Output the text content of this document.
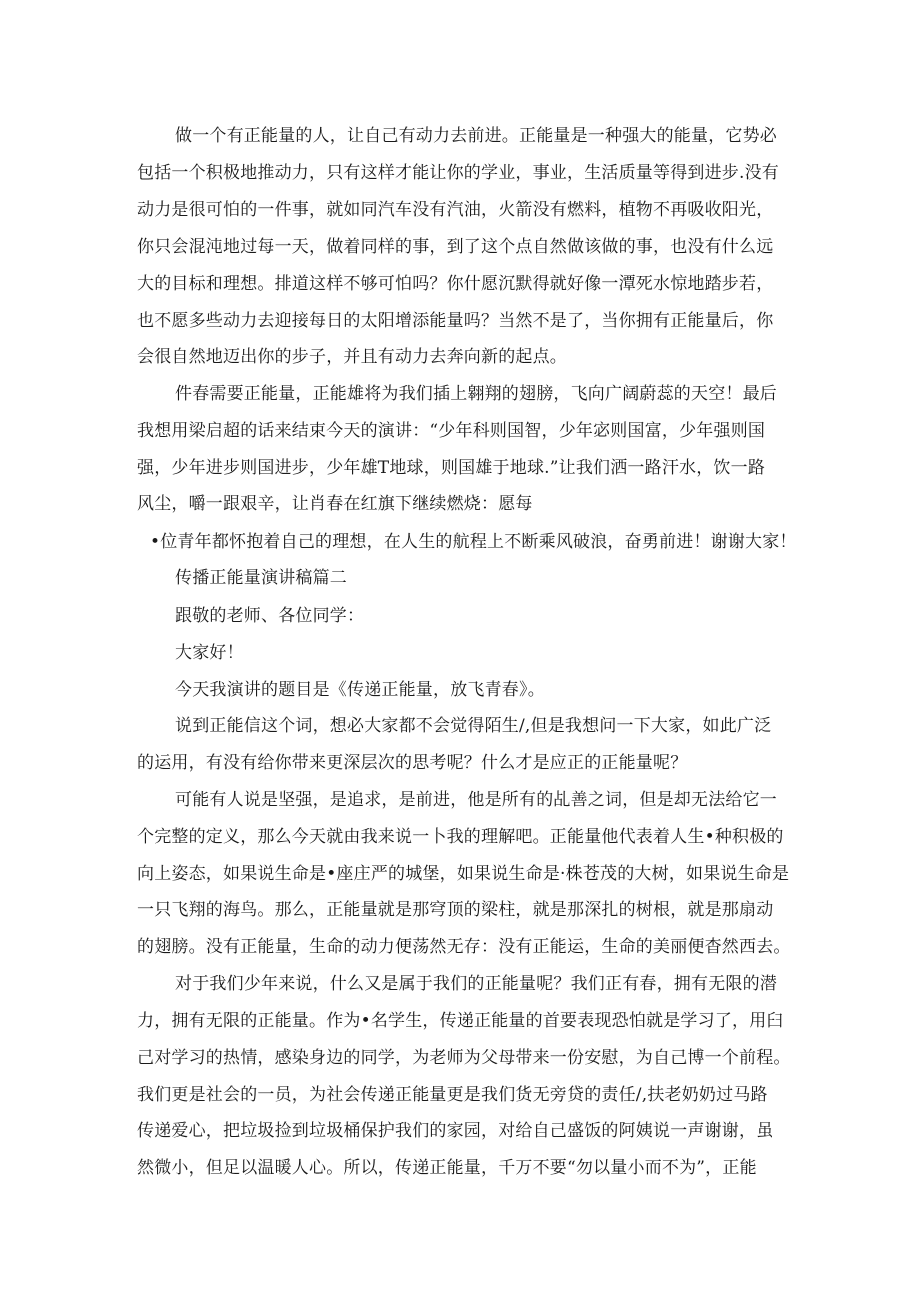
做一个有正能量的人，让自己有动力去前进。正能量是一种强大的能量，它势必
包括一个积极地推动力，只有这样才能让你的学业，事业，生活质量等得到进步.没有
动力是很可怕的一件事，就如同汽车没有汽油，火箭没有燃料，植物不再吸收阳光，
你只会混沌地过每一天，做着同样的事，到了这个点自然做该做的事，也没有什么远
大的目标和理想。排道这样不够可怕吗？你什愿沉默得就好像一潭死水惊地踏步若，
也不愿多些动力去迎接每日的太阳增添能量吗？当然不是了，当你拥有正能量后，你
会很自然地迈出你的步子，并且有动力去奔向新的起点。
件春需要正能量，正能雄将为我们插上翱翔的翅膀，飞向广阔蔚蕊的天空！最后
我想用梁启超的话来结束今天的演讲：“少年科则国智，少年宓则国富，少年强则国
强，少年进步则国进步，少年雄T地球，则国雄于地球.”让我们洒一路汗水，饮一路
风尘，嚼一跟艰辛，让肖春在红旗下继续燃烧：愿每
•位青年都怀抱着自己的理想，在人生的航程上不断乘风破浪，奋勇前进！谢谢大家！
传播正能量演讲稿篇二
跟敬的老师、各位同学：
大家好！
今天我演讲的题目是《传递正能量，放飞青春》。
说到正能信这个词，想必大家都不会觉得陌生/,但是我想问一下大家，如此广泛
的运用，有没有给你带来更深层次的思考呢？什么才是应正的正能量呢？
可能有人说是坚强，是追求，是前进，他是所有的乩善之词，但是却无法给它一
个完整的定义，那么今天就由我来说一卜我的理解吧。正能量他代表着人生•种积极的
向上姿态，如果说生命是•座庄严的城堡，如果说生命是·株苍茂的大树，如果说生命是
一只飞翔的海鸟。那么，正能量就是那穹顶的梁柱，就是那深扎的树根，就是那扇动
的翅膀。没有正能量，生命的动力便荡然无存：没有正能运，生命的美丽便杳然西去。
对于我们少年来说，什么又是属于我们的正能量呢？我们正有春，拥有无限的潜
力，拥有无限的正能量。作为•名学生，传递正能量的首要表现恐怕就是学习了，用臼
己对学习的热情，感染身边的同学，为老师为父母带来一份安慰，为自己博一个前程。
我们更是社会的一员，为社会传递正能量更是我们货无旁贷的责任/,扶老奶奶过马路
传递爱心，把垃圾捡到垃圾桶保护我们的家园，对给自己盛饭的阿姨说一声谢谢，虽
然微小，但足以温暖人心。所以，传递正能量，千万不要“勿以量小而不为”，正能
